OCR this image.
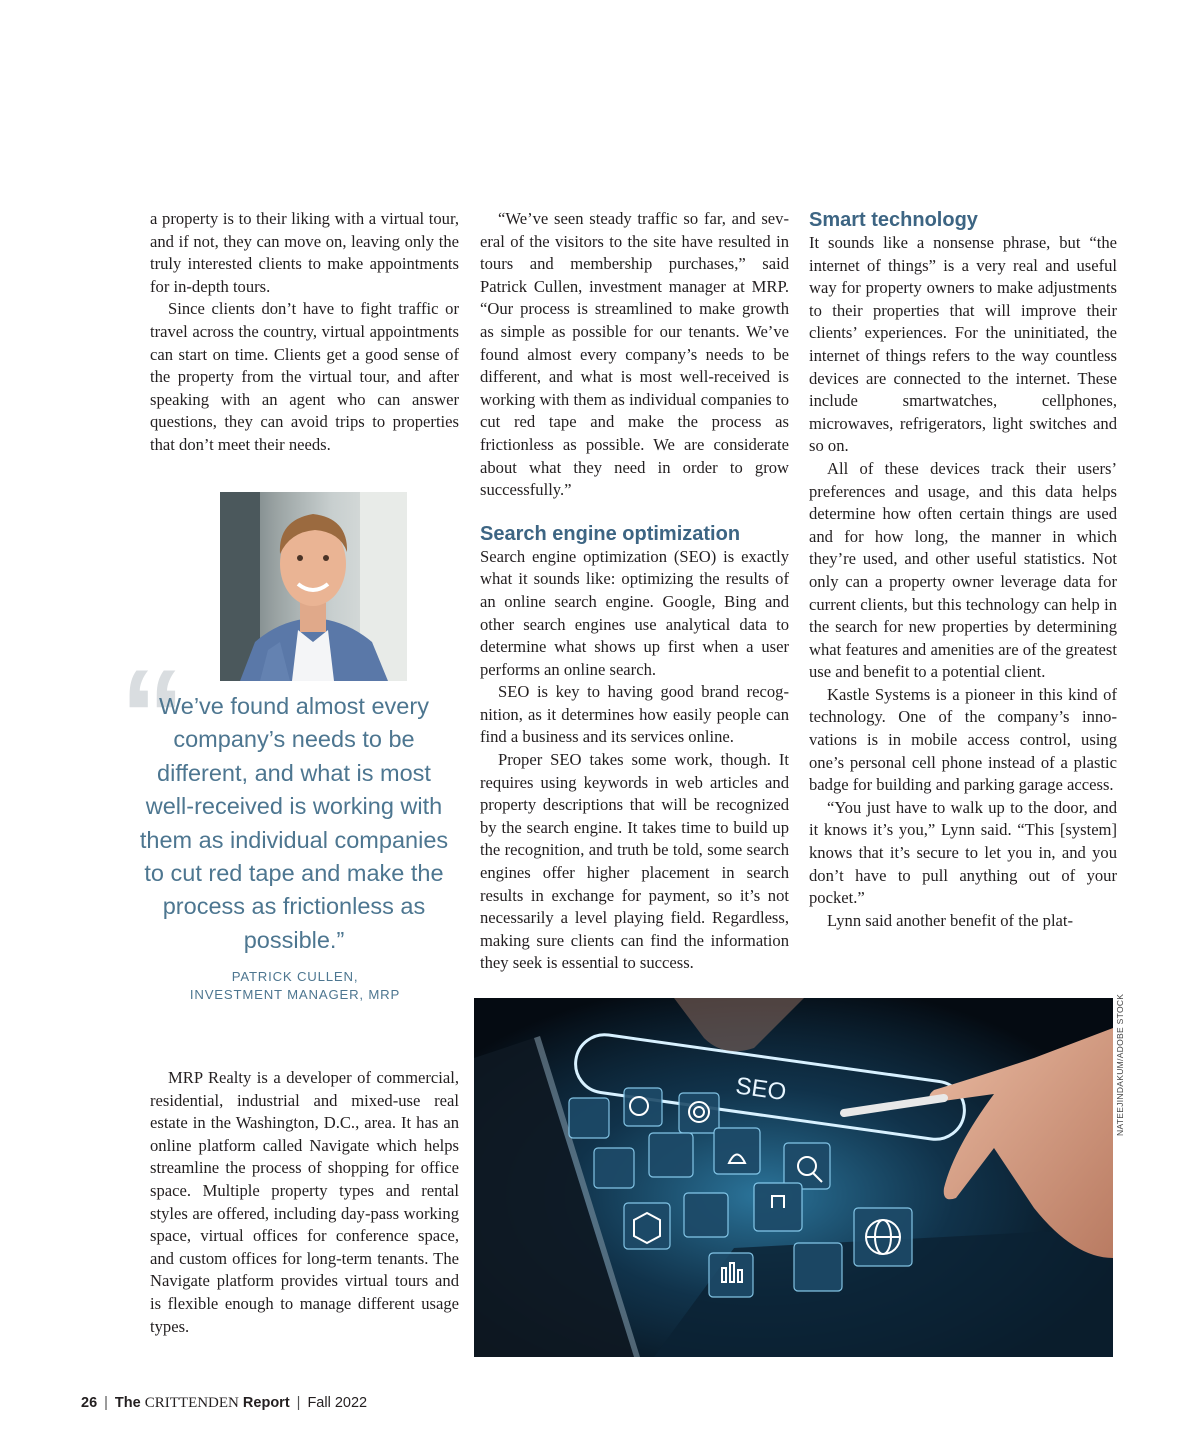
a property is to their liking with a virtual tour, and if not, they can move on, leaving only the truly interested clients to make appointments for in-depth tours.

Since clients don’t have to fight traffic or travel across the country, virtual appointments can start on time. Clients get a good sense of the property from the virtual tour, and after speaking with an agent who can answer questions, they can avoid trips to properties that don’t meet their needs.

“
We’ve found almost every company’s needs to be different, and what is most well-received is working with them as individual companies to cut red tape and make the process as frictionless as possible.”
PATRICK CULLEN,
INVESTMENT MANAGER, MRP

MRP Realty is a developer of commercial, residential, industrial and mixed-use real estate in the Washington, D.C., area. It has an online platform called Navigate which helps streamline the process of shopping for office space. Multiple property types and rental styles are offered, including day-pass working space, virtual offices for conference space, and custom offices for long-term tenants. The Navigate platform provides virtual tours and is flexible enough to manage different usage types.

“We’ve seen steady traffic so far, and several of the visitors to the site have resulted in tours and membership purchases,” said Patrick Cullen, investment manager at MRP. “Our process is streamlined to make growth as simple as possible for our tenants. We’ve found almost every company’s needs to be different, and what is most well-received is working with them as individual companies to cut red tape and make the process as frictionless as possible. We are considerate about what they need in order to grow successfully.”

Search engine optimization

Search engine optimization (SEO) is exactly what it sounds like: optimizing the results of an online search engine. Google, Bing and other search engines use analytical data to determine what shows up first when a user performs an online search.

SEO is key to having good brand recognition, as it determines how easily people can find a business and its services online.

Proper SEO takes some work, though. It requires using keywords in web articles and property descriptions that will be recognized by the search engine. It takes time to build up the recognition, and truth be told, some search engines offer higher placement in search results in exchange for payment, so it’s not necessarily a level playing field. Regardless, making sure clients can find the information they seek is essential to success.

Smart technology

It sounds like a nonsense phrase, but “the internet of things” is a very real and useful way for property owners to make adjustments to their properties that will improve their clients’ experiences. For the uninitiated, the internet of things refers to the way countless devices are connected to the internet. These include smartwatches, cellphones, microwaves, refrigerators, light switches and so on.

All of these devices track their users’ preferences and usage, and this data helps determine how often certain things are used and for how long, the manner in which they’re used, and other useful statistics. Not only can a property owner leverage data for current clients, but this technology can help in the search for new properties by determining what features and amenities are of the greatest use and benefit to a potential client.

Kastle Systems is a pioneer in this kind of technology. One of the company’s innovations is in mobile access control, using one’s personal cell phone instead of a plastic badge for building and parking garage access.

“You just have to walk up to the door, and it knows it’s you,” Lynn said. “This [system] knows that it’s secure to let you in, and you don’t have to pull anything out of your pocket.”

Lynn said another benefit of the plat-

SEO	NATEEJINDAKUM/ADOBE STOCK
26 | The CRITTENDEN Report | Fall 2022
